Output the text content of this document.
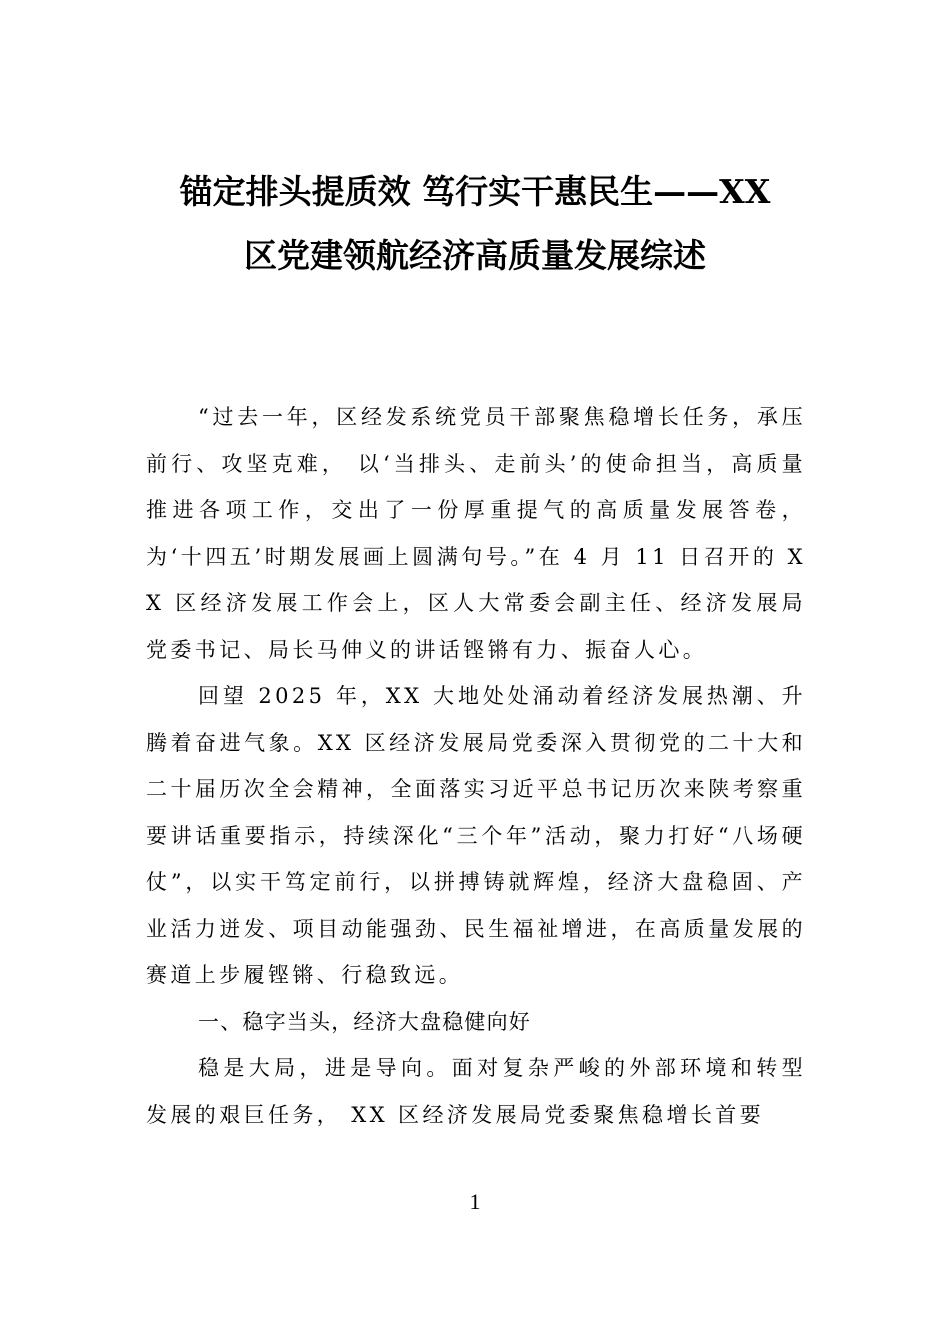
锚定排头提质效 笃行实干惠民生——XX
区党建领航经济高质量发展综述

“过去一年，区经发系统党员干部聚焦稳增长任务，承压前行、攻坚克难， 以‘当排头、走前头’的使命担当，高质量推进各项工作，交出了一份厚重提气的高质量发展答卷，为‘十四五’时期发展画上圆满句号。”在 4 月 11 日召开的 XX 区经济发展工作会上，区人大常委会副主任、经济发展局党委书记、局长马伸义的讲话铿锵有力、振奋人心。

回望 2025 年，XX 大地处处涌动着经济发展热潮、升腾着奋进气象。XX 区经济发展局党委深入贯彻党的二十大和二十届历次全会精神，全面落实习近平总书记历次来陕考察重要讲话重要指示，持续深化“三个年”活动，聚力打好“八场硬仗”，以实干笃定前行，以拼搏铸就辉煌，经济大盘稳固、产业活力迸发、项目动能强劲、民生福祉增进，在高质量发展的赛道上步履铿锵、行稳致远。

一、稳字当头，经济大盘稳健向好

稳是大局，进是导向。面对复杂严峻的外部环境和转型发展的艰巨任务， XX 区经济发展局党委聚焦稳增长首要

1
